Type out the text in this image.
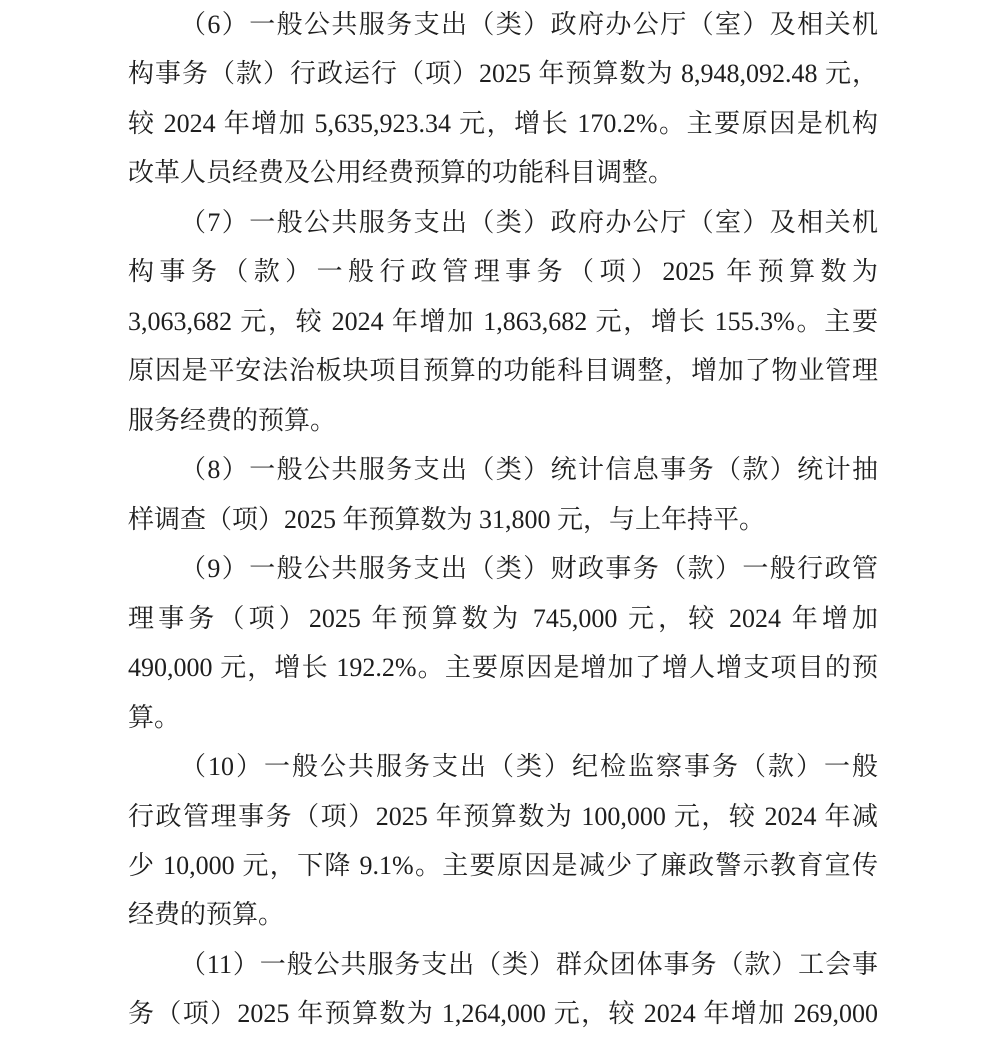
（6）一般公共服务支出（类）政府办公厅（室）及相关机
构事务（款）行政运行（项）2025 年预算数为 8,948,092.48 元，
较 2024 年增加 5,635,923.34 元，增长 170.2%。主要原因是机构
改革人员经费及公用经费预算的功能科目调整。
（7）一般公共服务支出（类）政府办公厅（室）及相关机
构事务（款）一般行政管理事务（项）2025 年预算数为
3,063,682 元，较 2024 年增加 1,863,682 元，增长 155.3%。主要
原因是平安法治板块项目预算的功能科目调整，增加了物业管理
服务经费的预算。
（8）一般公共服务支出（类）统计信息事务（款）统计抽
样调查（项）2025 年预算数为 31,800 元，与上年持平。
（9）一般公共服务支出（类）财政事务（款）一般行政管
理事务（项）2025 年预算数为 745,000 元，较 2024 年增加
490,000 元，增长 192.2%。主要原因是增加了增人增支项目的预
算。
（10）一般公共服务支出（类）纪检监察事务（款）一般
行政管理事务（项）2025 年预算数为 100,000 元，较 2024 年减
少 10,000 元，下降 9.1%。主要原因是减少了廉政警示教育宣传
经费的预算。
（11）一般公共服务支出（类）群众团体事务（款）工会事
务（项）2025 年预算数为 1,264,000 元，较 2024 年增加 269,000
